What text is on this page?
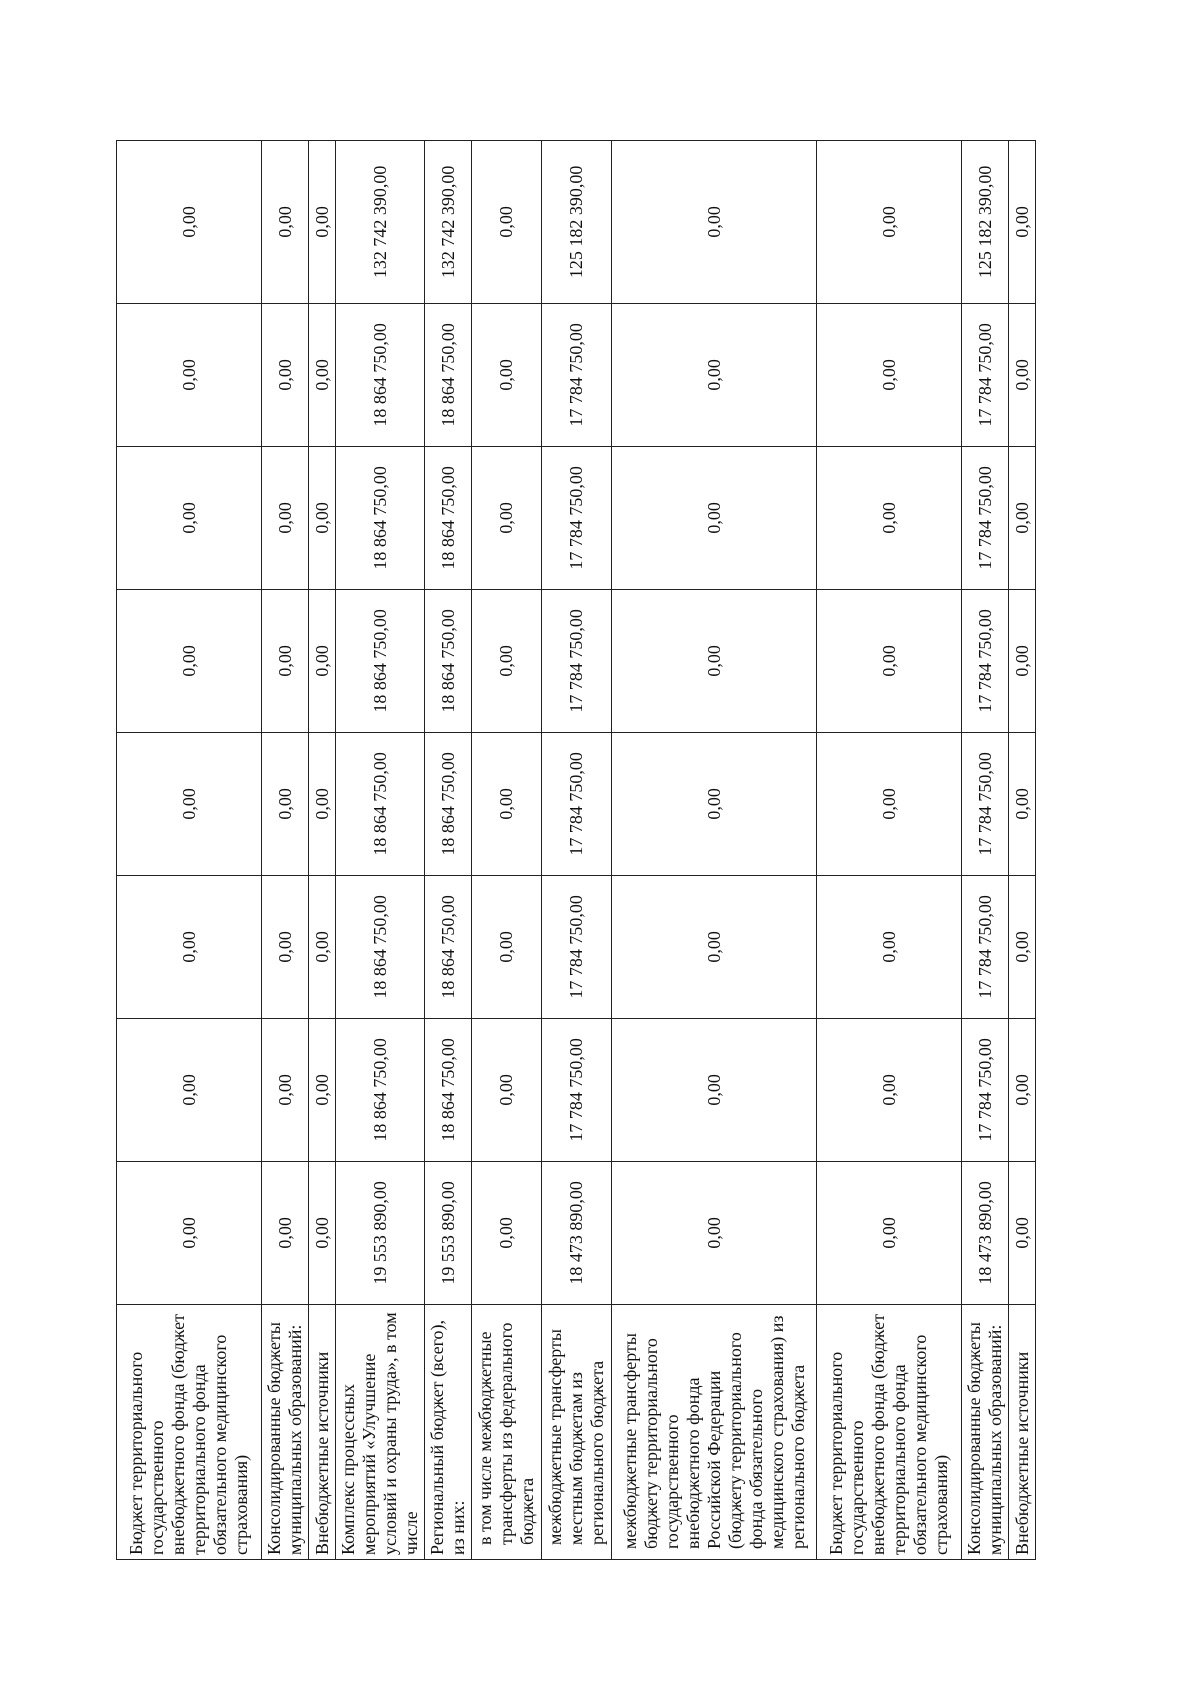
Бюджет территориального государственного внебюджетного фонда (бюджет территориального фонда обязательного медицинского страхования)	0,00	0,00	0,00	0,00	0,00	0,00	0,00	0,00
Консолидированные бюджеты муниципальных образований:	0,00	0,00	0,00	0,00	0,00	0,00	0,00	0,00
Внебюджетные источники	0,00	0,00	0,00	0,00	0,00	0,00	0,00	0,00
Комплекс процессных мероприятий «Улучшение условий и охраны труда», в том числе	19 553 890,00	18 864 750,00	18 864 750,00	18 864 750,00	18 864 750,00	18 864 750,00	18 864 750,00	132 742 390,00
Региональный бюджет (всего), из них:	19 553 890,00	18 864 750,00	18 864 750,00	18 864 750,00	18 864 750,00	18 864 750,00	18 864 750,00	132 742 390,00
в том числе межбюджетные трансферты из федерального бюджета	0,00	0,00	0,00	0,00	0,00	0,00	0,00	0,00
межбюджетные трансферты местным бюджетам из регионального бюджета	18 473 890,00	17 784 750,00	17 784 750,00	17 784 750,00	17 784 750,00	17 784 750,00	17 784 750,00	125 182 390,00
межбюджетные трансферты бюджету территориального государственного внебюджетного фонда Российской Федерации (бюджету территориального фонда обязательного медицинского страхования) из регионального бюджета	0,00	0,00	0,00	0,00	0,00	0,00	0,00	0,00
Бюджет территориального государственного внебюджетного фонда (бюджет территориального фонда обязательного медицинского страхования)	0,00	0,00	0,00	0,00	0,00	0,00	0,00	0,00
Консолидированные бюджеты муниципальных образований:	18 473 890,00	17 784 750,00	17 784 750,00	17 784 750,00	17 784 750,00	17 784 750,00	17 784 750,00	125 182 390,00
Внебюджетные источники	0,00	0,00	0,00	0,00	0,00	0,00	0,00	0,00
